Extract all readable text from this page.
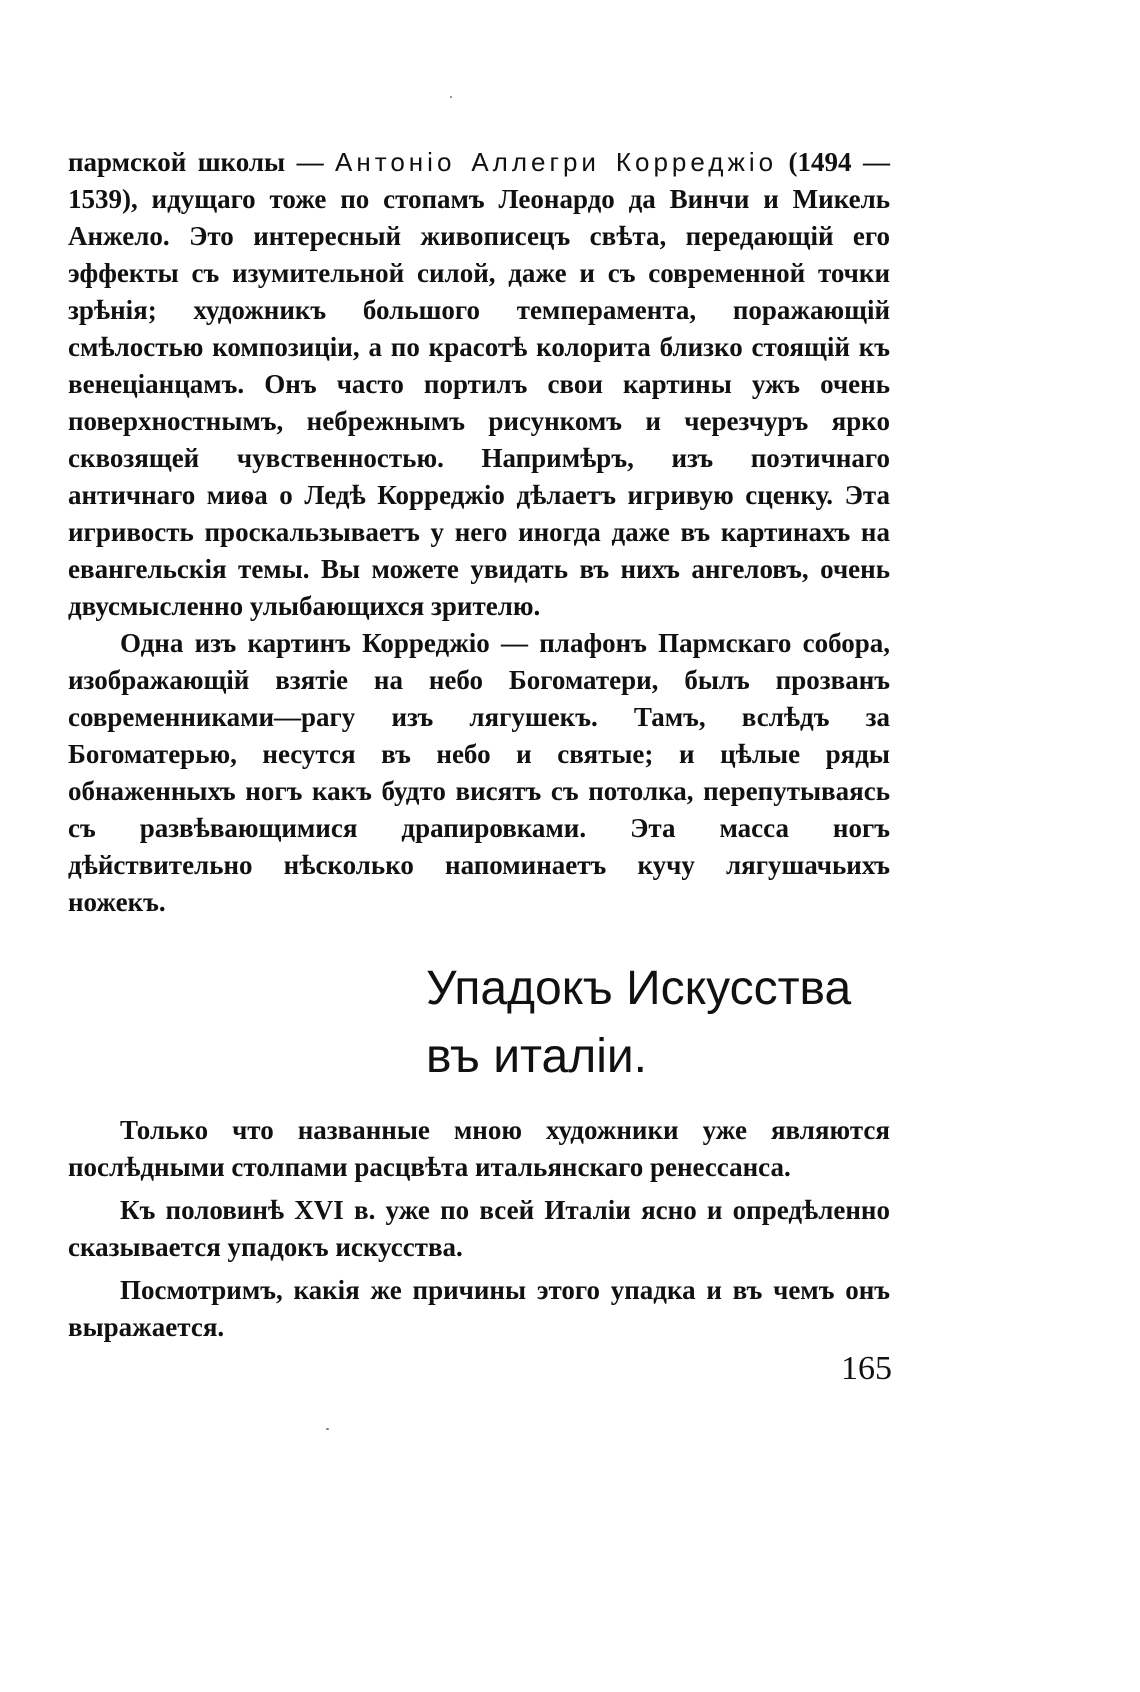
пармской школы — Антоніо Аллегри Корреджіо (1494 — 1539), идущаго тоже по стопамъ Леонардо да Винчи и Микель Анжело. Это интересный живописецъ свѣта, передающій его эффекты съ изумительной силой, даже и съ современной точки зрѣнія; художникъ большого темперамента, поражающій смѣлостью композиціи, а по красотѣ колорита близко стоящій къ венеціанцамъ. Онъ часто портилъ свои картины ужъ очень поверхностнымъ, небрежнымъ рисункомъ и черезчуръ ярко сквозящей чувственностью. Напримѣръ, изъ поэтичнаго античнаго миѳа о Ледѣ Корреджіо дѣлаетъ игривую сценку. Эта игривость проскальзываетъ у него иногда даже въ картинахъ на евангельскія темы. Вы можете увидать въ нихъ ангеловъ, очень двусмысленно улыбающихся зрителю.

Одна изъ картинъ Корреджіо — плафонъ Пармскаго собора, изображающій взятіе на небо Богоматери, былъ прозванъ современниками—рагу изъ лягушекъ. Тамъ, вслѣдъ за Богоматерью, несутся въ небо и святые; и цѣлые ряды обнаженныхъ ногъ какъ будто висятъ съ потолка, перепутываясь съ развѣвающимися драпировками. Эта масса ногъ дѣйствительно нѣсколько напоминаетъ кучу лягушачьихъ ножекъ.

Упадокъ Искусства
въ италіи.

Только что названные мною художники уже являются послѣдными столпами расцвѣта итальянскаго ренессанса.

Къ половинѣ XVI в. уже по всей Италіи ясно и опредѣленно сказывается упадокъ искусства.

Посмотримъ, какія же причины этого упадка и въ чемъ онъ выражается.

165
